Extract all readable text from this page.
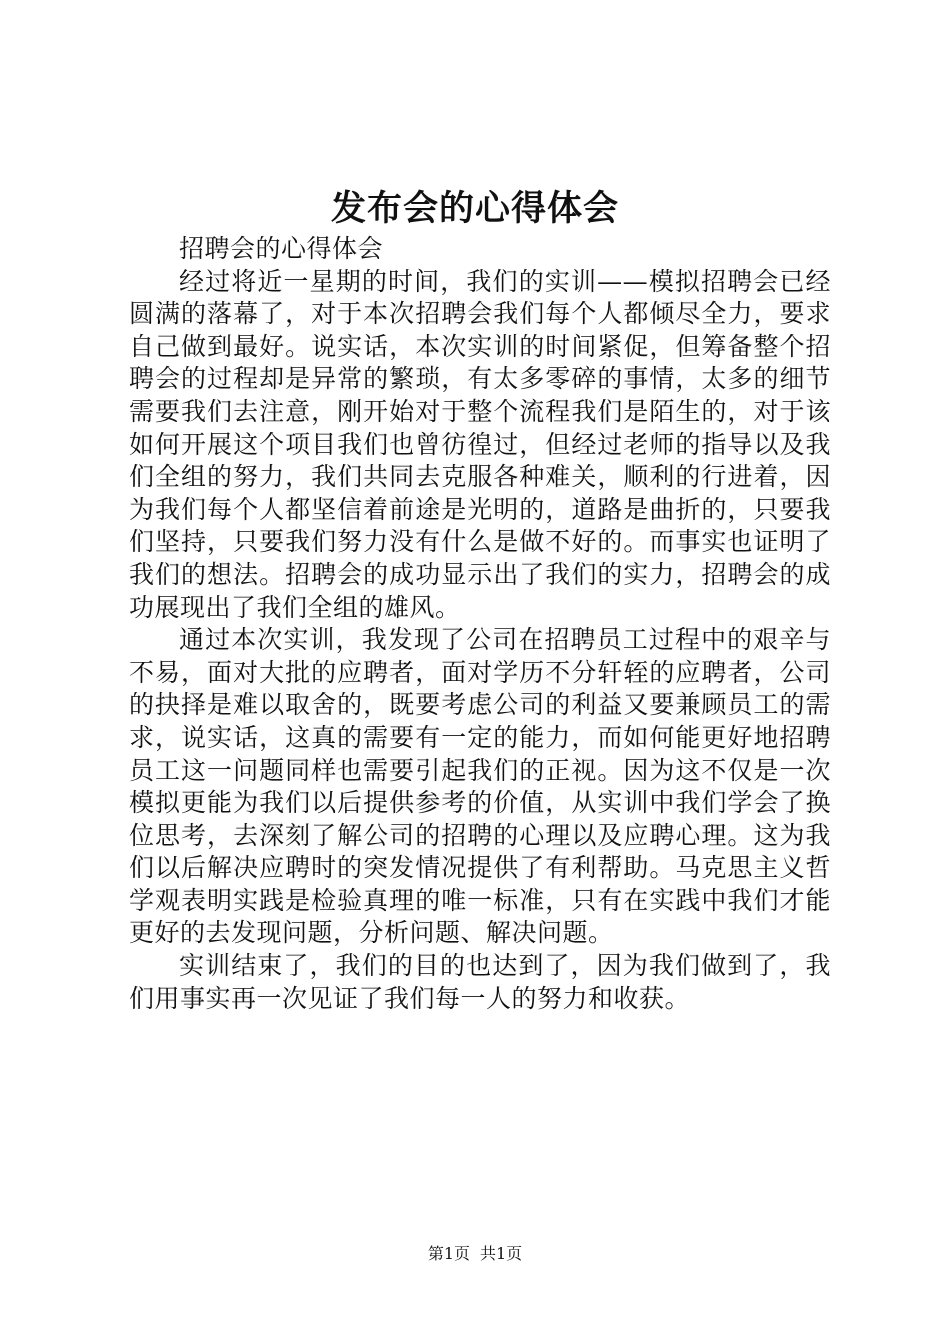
发布会的心得体会

招聘会的心得体会

经过将近一星期的时间，我们的实训——模拟招聘会已经圆满的落幕了，对于本次招聘会我们每个人都倾尽全力，要求自己做到最好。说实话，本次实训的时间紧促，但筹备整个招聘会的过程却是异常的繁琐，有太多零碎的事情，太多的细节需要我们去注意，刚开始对于整个流程我们是陌生的，对于该如何开展这个项目我们也曾彷徨过，但经过老师的指导以及我们全组的努力，我们共同去克服各种难关，顺利的行进着，因为我们每个人都坚信着前途是光明的，道路是曲折的，只要我们坚持，只要我们努力没有什么是做不好的。而事实也证明了我们的想法。招聘会的成功显示出了我们的实力，招聘会的成功展现出了我们全组的雄风。

通过本次实训，我发现了公司在招聘员工过程中的艰辛与不易，面对大批的应聘者，面对学历不分轩轾的应聘者，公司的抉择是难以取舍的，既要考虑公司的利益又要兼顾员工的需求，说实话，这真的需要有一定的能力，而如何能更好地招聘员工这一问题同样也需要引起我们的正视。因为这不仅是一次模拟更能为我们以后提供参考的价值，从实训中我们学会了换位思考，去深刻了解公司的招聘的心理以及应聘心理。这为我们以后解决应聘时的突发情况提供了有利帮助。马克思主义哲学观表明实践是检验真理的唯一标准，只有在实践中我们才能更好的去发现问题，分析问题、解决问题。

实训结束了，我们的目的也达到了，因为我们做到了，我们用事实再一次见证了我们每一人的努力和收获。

第1页 共1页
